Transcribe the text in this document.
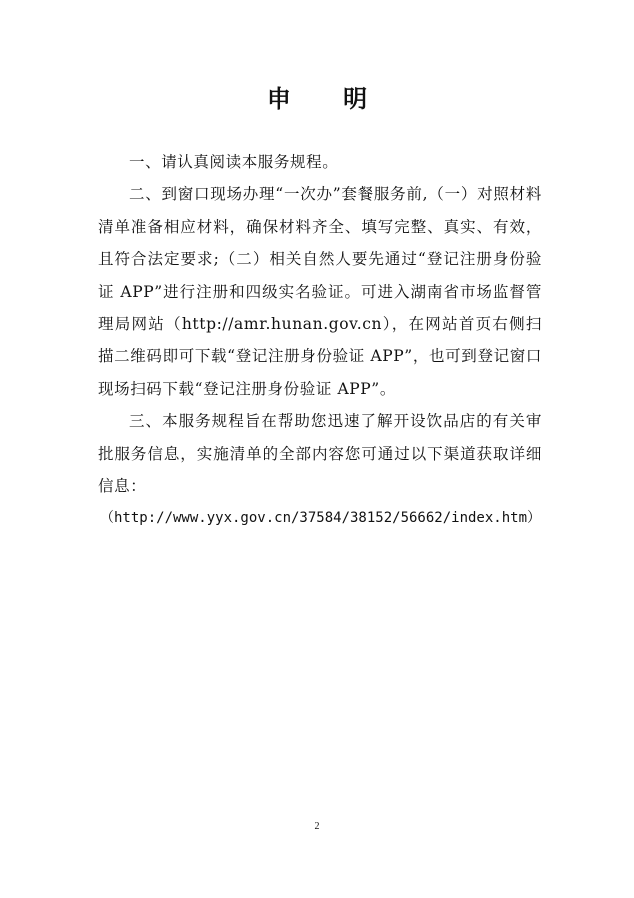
申 明

一、请认真阅读本服务规程。

二、到窗口现场办理“一次办”套餐服务前,（一）对照材料清单准备相应材料，确保材料齐全、填写完整、真实、有效，且符合法定要求;（二）相关自然人要先通过“登记注册身份验证 APP”进行注册和四级实名验证。可进入湖南省市场监督管理局网站（http://amr.hunan.gov.cn），在网站首页右侧扫描二维码即可下载“登记注册身份验证 APP”，也可到登记窗口现场扫码下载“登记注册身份验证 APP”。

三、本服务规程旨在帮助您迅速了解开设饮品店的有关审批服务信息，实施清单的全部内容您可通过以下渠道获取详细信息：

（http://www.yyx.gov.cn/37584/38152/56662/index.htm）

2
